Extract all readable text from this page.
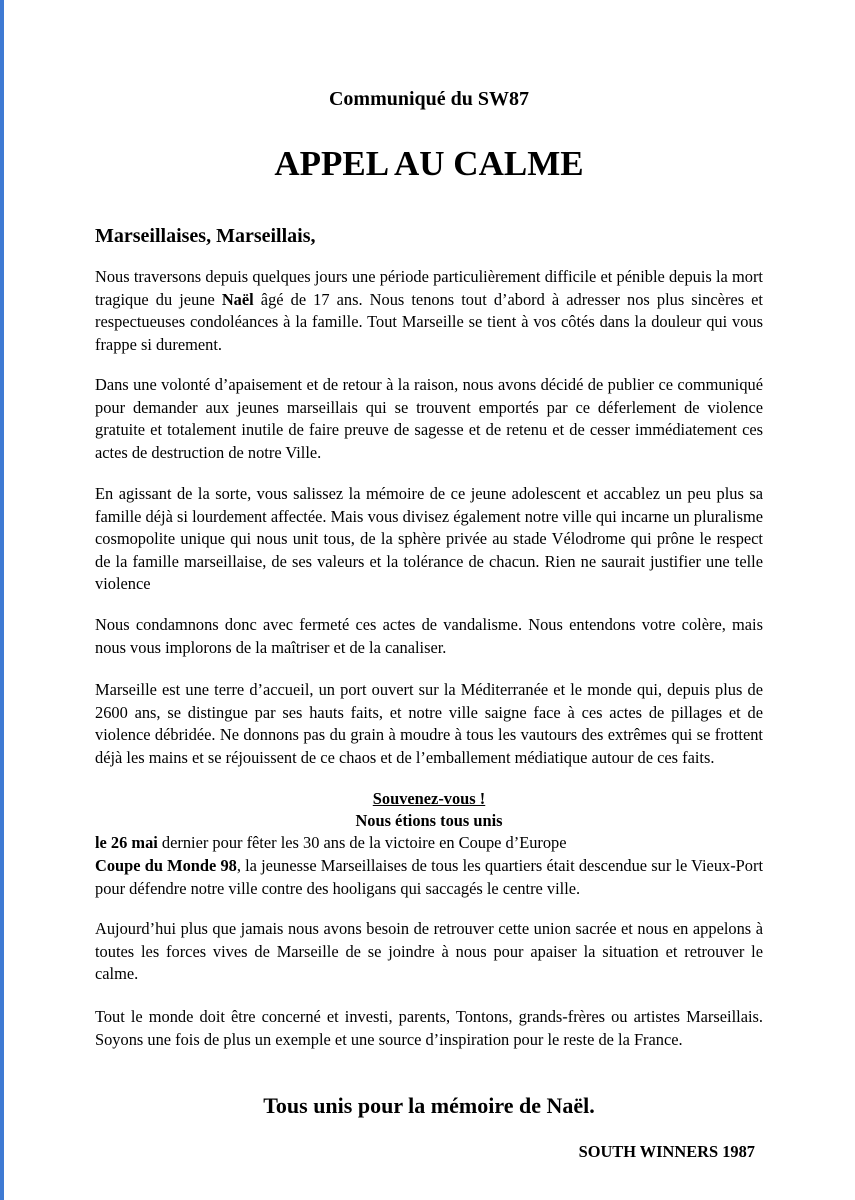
Communiqué du SW87
APPEL AU CALME
Marseillaises, Marseillais,

Nous traversons depuis quelques jours une période particulièrement difficile et pénible depuis la mort tragique du jeune Naël âgé de 17 ans. Nous tenons tout d’abord à adresser nos plus sincères et respectueuses condoléances à la famille. Tout Marseille se tient à vos côtés dans la douleur qui vous frappe si durement.

Dans une volonté d’apaisement et de retour à la raison, nous avons décidé de publier ce communiqué pour demander aux jeunes marseillais qui se trouvent emportés par ce déferlement de violence gratuite et totalement inutile de faire preuve de sagesse et de retenu et de cesser immédiatement ces actes de destruction de notre Ville.

En agissant de la sorte, vous salissez la mémoire de ce jeune adolescent et accablez un peu plus sa famille déjà si lourdement affectée. Mais vous divisez également notre ville qui incarne un pluralisme cosmopolite unique qui nous unit tous, de la sphère privée au stade Vélodrome qui prône le respect de la famille marseillaise, de ses valeurs et la tolérance de chacun. Rien ne saurait justifier une telle violence

Nous condamnons donc avec fermeté ces actes de vandalisme. Nous entendons votre colère, mais nous vous implorons de la maîtriser et de la canaliser.

Marseille est une terre d’accueil, un port ouvert sur la Méditerranée et le monde qui, depuis plus de 2600 ans, se distingue par ses hauts faits, et notre ville saigne face à ces actes de pillages et de violence débridée. Ne donnons pas du grain à moudre à tous les vautours des extrêmes qui se frottent déjà les mains et se réjouissent de ce chaos et de l’emballement médiatique autour de ces faits.

Souvenez-vous !
Nous étions tous unis

le 26 mai dernier pour fêter les 30 ans de la victoire en Coupe d’Europe

Coupe du Monde 98, la jeunesse Marseillaises de tous les quartiers était descendue sur le Vieux-Port pour défendre notre ville contre des hooligans qui saccagés le centre ville.

Aujourd’hui plus que jamais nous avons besoin de retrouver cette union sacrée et nous en appelons à toutes les forces vives de Marseille de se joindre à nous pour apaiser la situation et retrouver le calme.

Tout le monde doit être concerné et investi, parents, Tontons, grands-frères ou artistes Marseillais. Soyons une fois de plus un exemple et une source d’inspiration pour le reste de la France.

Tous unis pour la mémoire de Naël.
SOUTH WINNERS 1987
